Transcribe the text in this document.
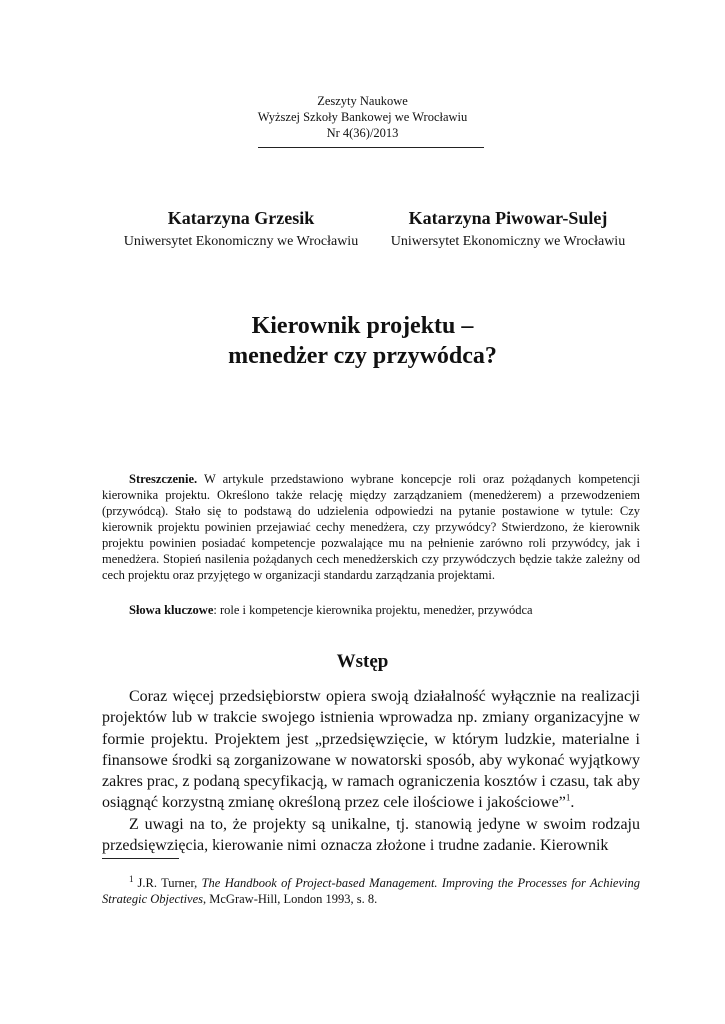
Zeszyty Naukowe
Wyższej Szkoły Bankowej we Wrocławiu
Nr 4(36)/2013
Katarzyna Grzesik
Uniwersytet Ekonomiczny we Wrocławiu
Katarzyna Piwowar-Sulej
Uniwersytet Ekonomiczny we Wrocławiu
Kierownik projektu –
menedżer czy przywódca?
Streszczenie. W artykule przedstawiono wybrane koncepcje roli oraz pożądanych kompetencji kierownika projektu. Określono także relację między zarządzaniem (menedżerem) a przewodzeniem (przywódcą). Stało się to podstawą do udzielenia odpowiedzi na pytanie postawione w tytule: Czy kierownik projektu powinien przejawiać cechy menedżera, czy przywódcy? Stwierdzono, że kierownik projektu powinien posiadać kompetencje pozwalające mu na pełnienie zarówno roli przywódcy, jak i menedżera. Stopień nasilenia pożądanych cech menedżerskich czy przywódczych będzie także zależny od cech projektu oraz przyjętego w organizacji standardu zarządzania projektami.
Słowa kluczowe: role i kompetencje kierownika projektu, menedżer, przywódca
Wstęp

Coraz więcej przedsiębiorstw opiera swoją działalność wyłącznie na realizacji projektów lub w trakcie swojego istnienia wprowadza np. zmiany organizacyjne w formie projektu. Projektem jest „przedsięwzięcie, w którym ludzkie, materialne i finansowe środki są zorganizowane w nowatorski sposób, aby wykonać wyjątkowy zakres prac, z podaną specyfikacją, w ramach ograniczenia kosztów i czasu, tak aby osiągnąć korzystną zmianę określoną przez cele ilościowe i jakościowe”$^1$.

Z uwagi na to, że projekty są unikalne, tj. stanowią jedyne w swoim rodzaju przedsięwzięcia, kierowanie nimi oznacza złożone i trudne zadanie. Kierownik

$^1$ J.R. Turner, The Handbook of Project-based Management. Improving the Processes for Achieving Strategic Objectives, McGraw-Hill, London 1993, s. 8.
